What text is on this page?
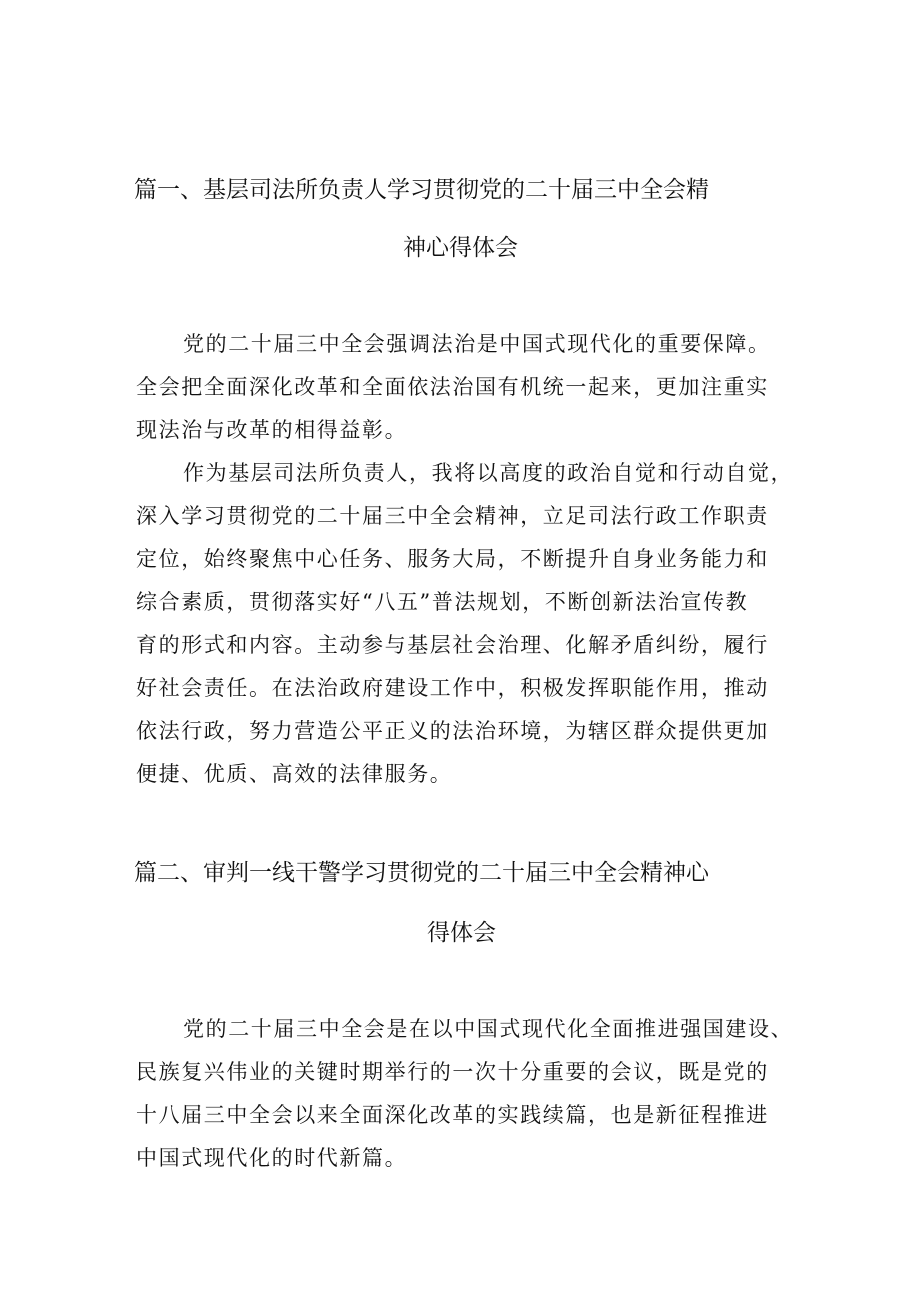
篇一、基层司法所负责人学习贯彻党的二十届三中全会精
神心得体会
党的二十届三中全会强调法治是中国式现代化的重要保障。
全会把全面深化改革和全面依法治国有机统一起来，更加注重实
现法治与改革的相得益彰。
作为基层司法所负责人，我将以高度的政治自觉和行动自觉，
深入学习贯彻党的二十届三中全会精神，立足司法行政工作职责
定位，始终聚焦中心任务、服务大局，不断提升自身业务能力和
综合素质，贯彻落实好“八五”普法规划，不断创新法治宣传教
育的形式和内容。主动参与基层社会治理、化解矛盾纠纷，履行
好社会责任。在法治政府建设工作中，积极发挥职能作用，推动
依法行政，努力营造公平正义的法治环境，为辖区群众提供更加
便捷、优质、高效的法律服务。
篇二、审判一线干警学习贯彻党的二十届三中全会精神心
得体会
党的二十届三中全会是在以中国式现代化全面推进强国建设、
民族复兴伟业的关键时期举行的一次十分重要的会议，既是党的
十八届三中全会以来全面深化改革的实践续篇，也是新征程推进
中国式现代化的时代新篇。
